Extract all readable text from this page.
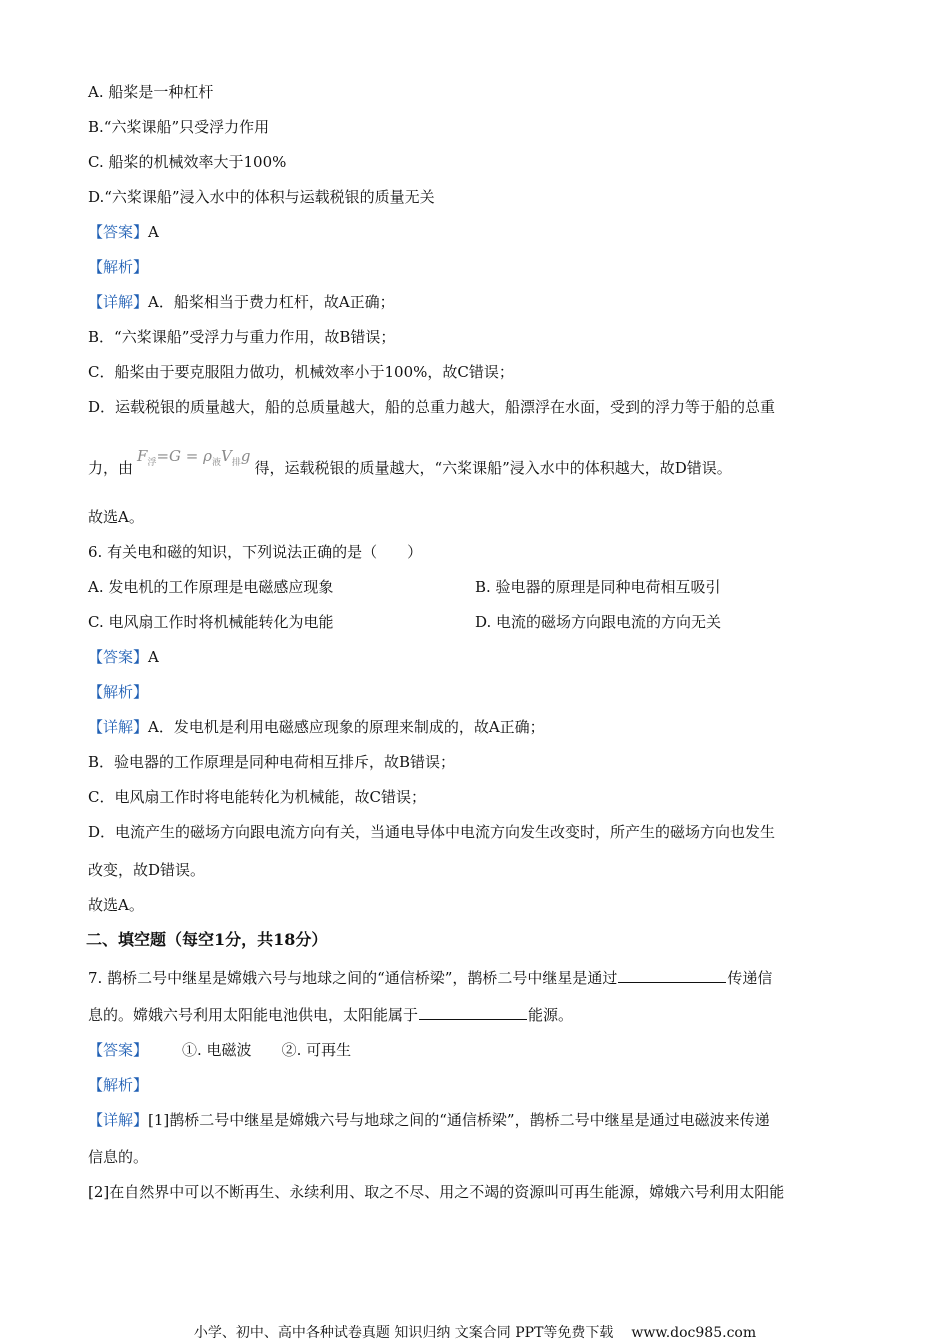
A. 船桨是一种杠杆
B.“六桨课船”只受浮力作用
C. 船桨的机械效率大于100%
D.“六桨课船”浸入水中的体积与运载税银的质量无关
【答案】A
【解析】
【详解】A．船桨相当于费力杠杆，故A正确；
B．“六桨课船”受浮力与重力作用，故B错误；
C．船桨由于要克服阻力做功，机械效率小于100%，故C错误；
D．运载税银的质量越大，船的总质量越大，船的总重力越大，船漂浮在水面，受到的浮力等于船的总重
力，由$F_浮=G = \rho_液V_排g$得，运载税银的质量越大，“六桨课船”浸入水中的体积越大，故D错误。
故选A。
6. 有关电和磁的知识，下列说法正确的是（　　）
A. 发电机的工作原理是电磁感应现象	B. 验电器的原理是同种电荷相互吸引
C. 电风扇工作时将机械能转化为电能	D. 电流的磁场方向跟电流的方向无关
【答案】A
【解析】
【详解】A．发电机是利用电磁感应现象的原理来制成的，故A正确；
B．验电器的工作原理是同种电荷相互排斥，故B错误；
C．电风扇工作时将电能转化为机械能，故C错误；
D．电流产生的磁场方向跟电流方向有关，当通电导体中电流方向发生改变时，所产生的磁场方向也发生
改变，故D错误。
故选A。
二、填空题（每空1分，共18分）
7. 鹊桥二号中继星是嫦娥六号与地球之间的“通信桥梁”，鹊桥二号中继星是通过	传递信
息的。嫦娥六号利用太阳能电池供电，太阳能属于	能源。
【答案】 ①. 电磁波 ②. 可再生
【解析】
【详解】[1]鹊桥二号中继星是嫦娥六号与地球之间的“通信桥梁”，鹊桥二号中继星是通过电磁波来传递
信息的。
[2]在自然界中可以不断再生、永续利用、取之不尽、用之不竭的资源叫可再生能源，嫦娥六号利用太阳能
小学、初中、高中各种试卷真题 知识归纳 文案合同 PPT等免费下载 www.doc985.com
